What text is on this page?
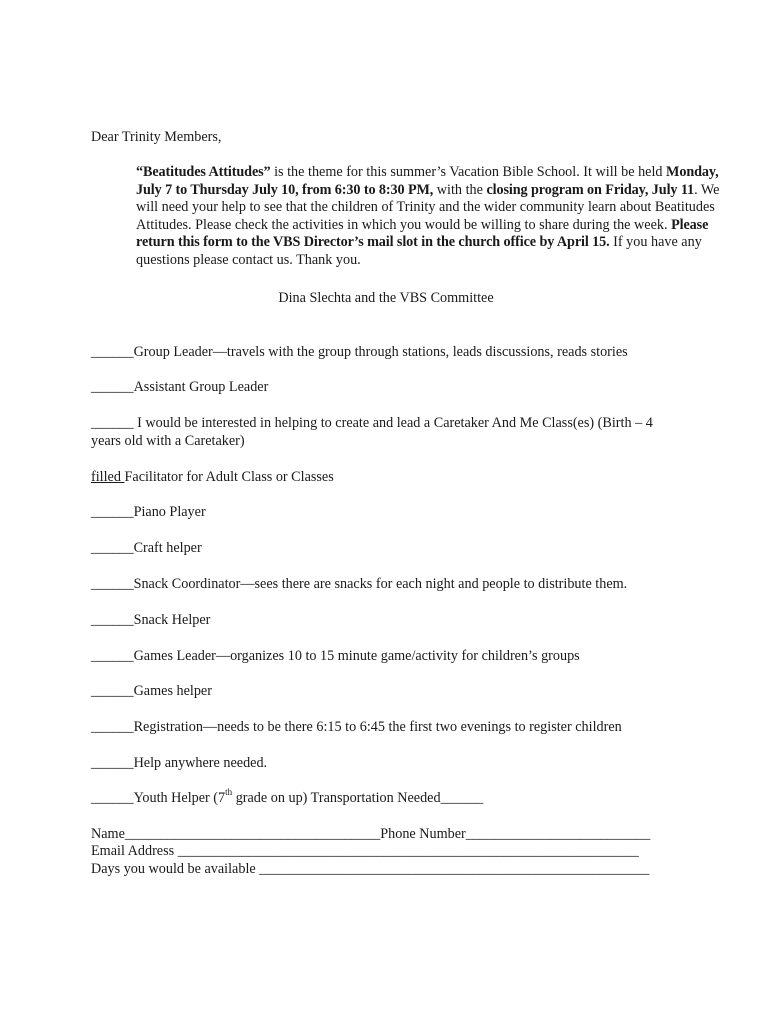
Dear Trinity Members,

“Beatitudes Attitudes” is the theme for this summer’s Vacation Bible School. It will be held Monday, July 7 to Thursday July 10, from 6:30 to 8:30 PM, with the closing program on Friday, July 11. We will need your help to see that the children of Trinity and the wider community learn about Beatitudes Attitudes. Please check the activities in which you would be willing to share during the week. Please return this form to the VBS Director’s mail slot in the church office by April 15. If you have any questions please contact us. Thank you.

Dina Slechta and the VBS Committee

______Group Leader—travels with the group through stations, leads discussions, reads stories

______Assistant Group Leader

______ I would be interested in helping to create and lead a Caretaker And Me Class(es) (Birth – 4 years old with a Caretaker)

filled Facilitator for Adult Class or Classes

______Piano Player

______Craft helper

______Snack Coordinator—sees there are snacks for each night and people to distribute them.

______Snack Helper

______Games Leader—organizes 10 to 15 minute game/activity for children’s groups

______Games helper

______Registration—needs to be there 6:15 to 6:45 the first two evenings to register children

______Help anywhere needed.

______Youth Helper (7th grade on up) Transportation Needed______

Name____________________________________Phone Number__________________________

Email Address _________________________________________________________________

Days you would be available _______________________________________________________
